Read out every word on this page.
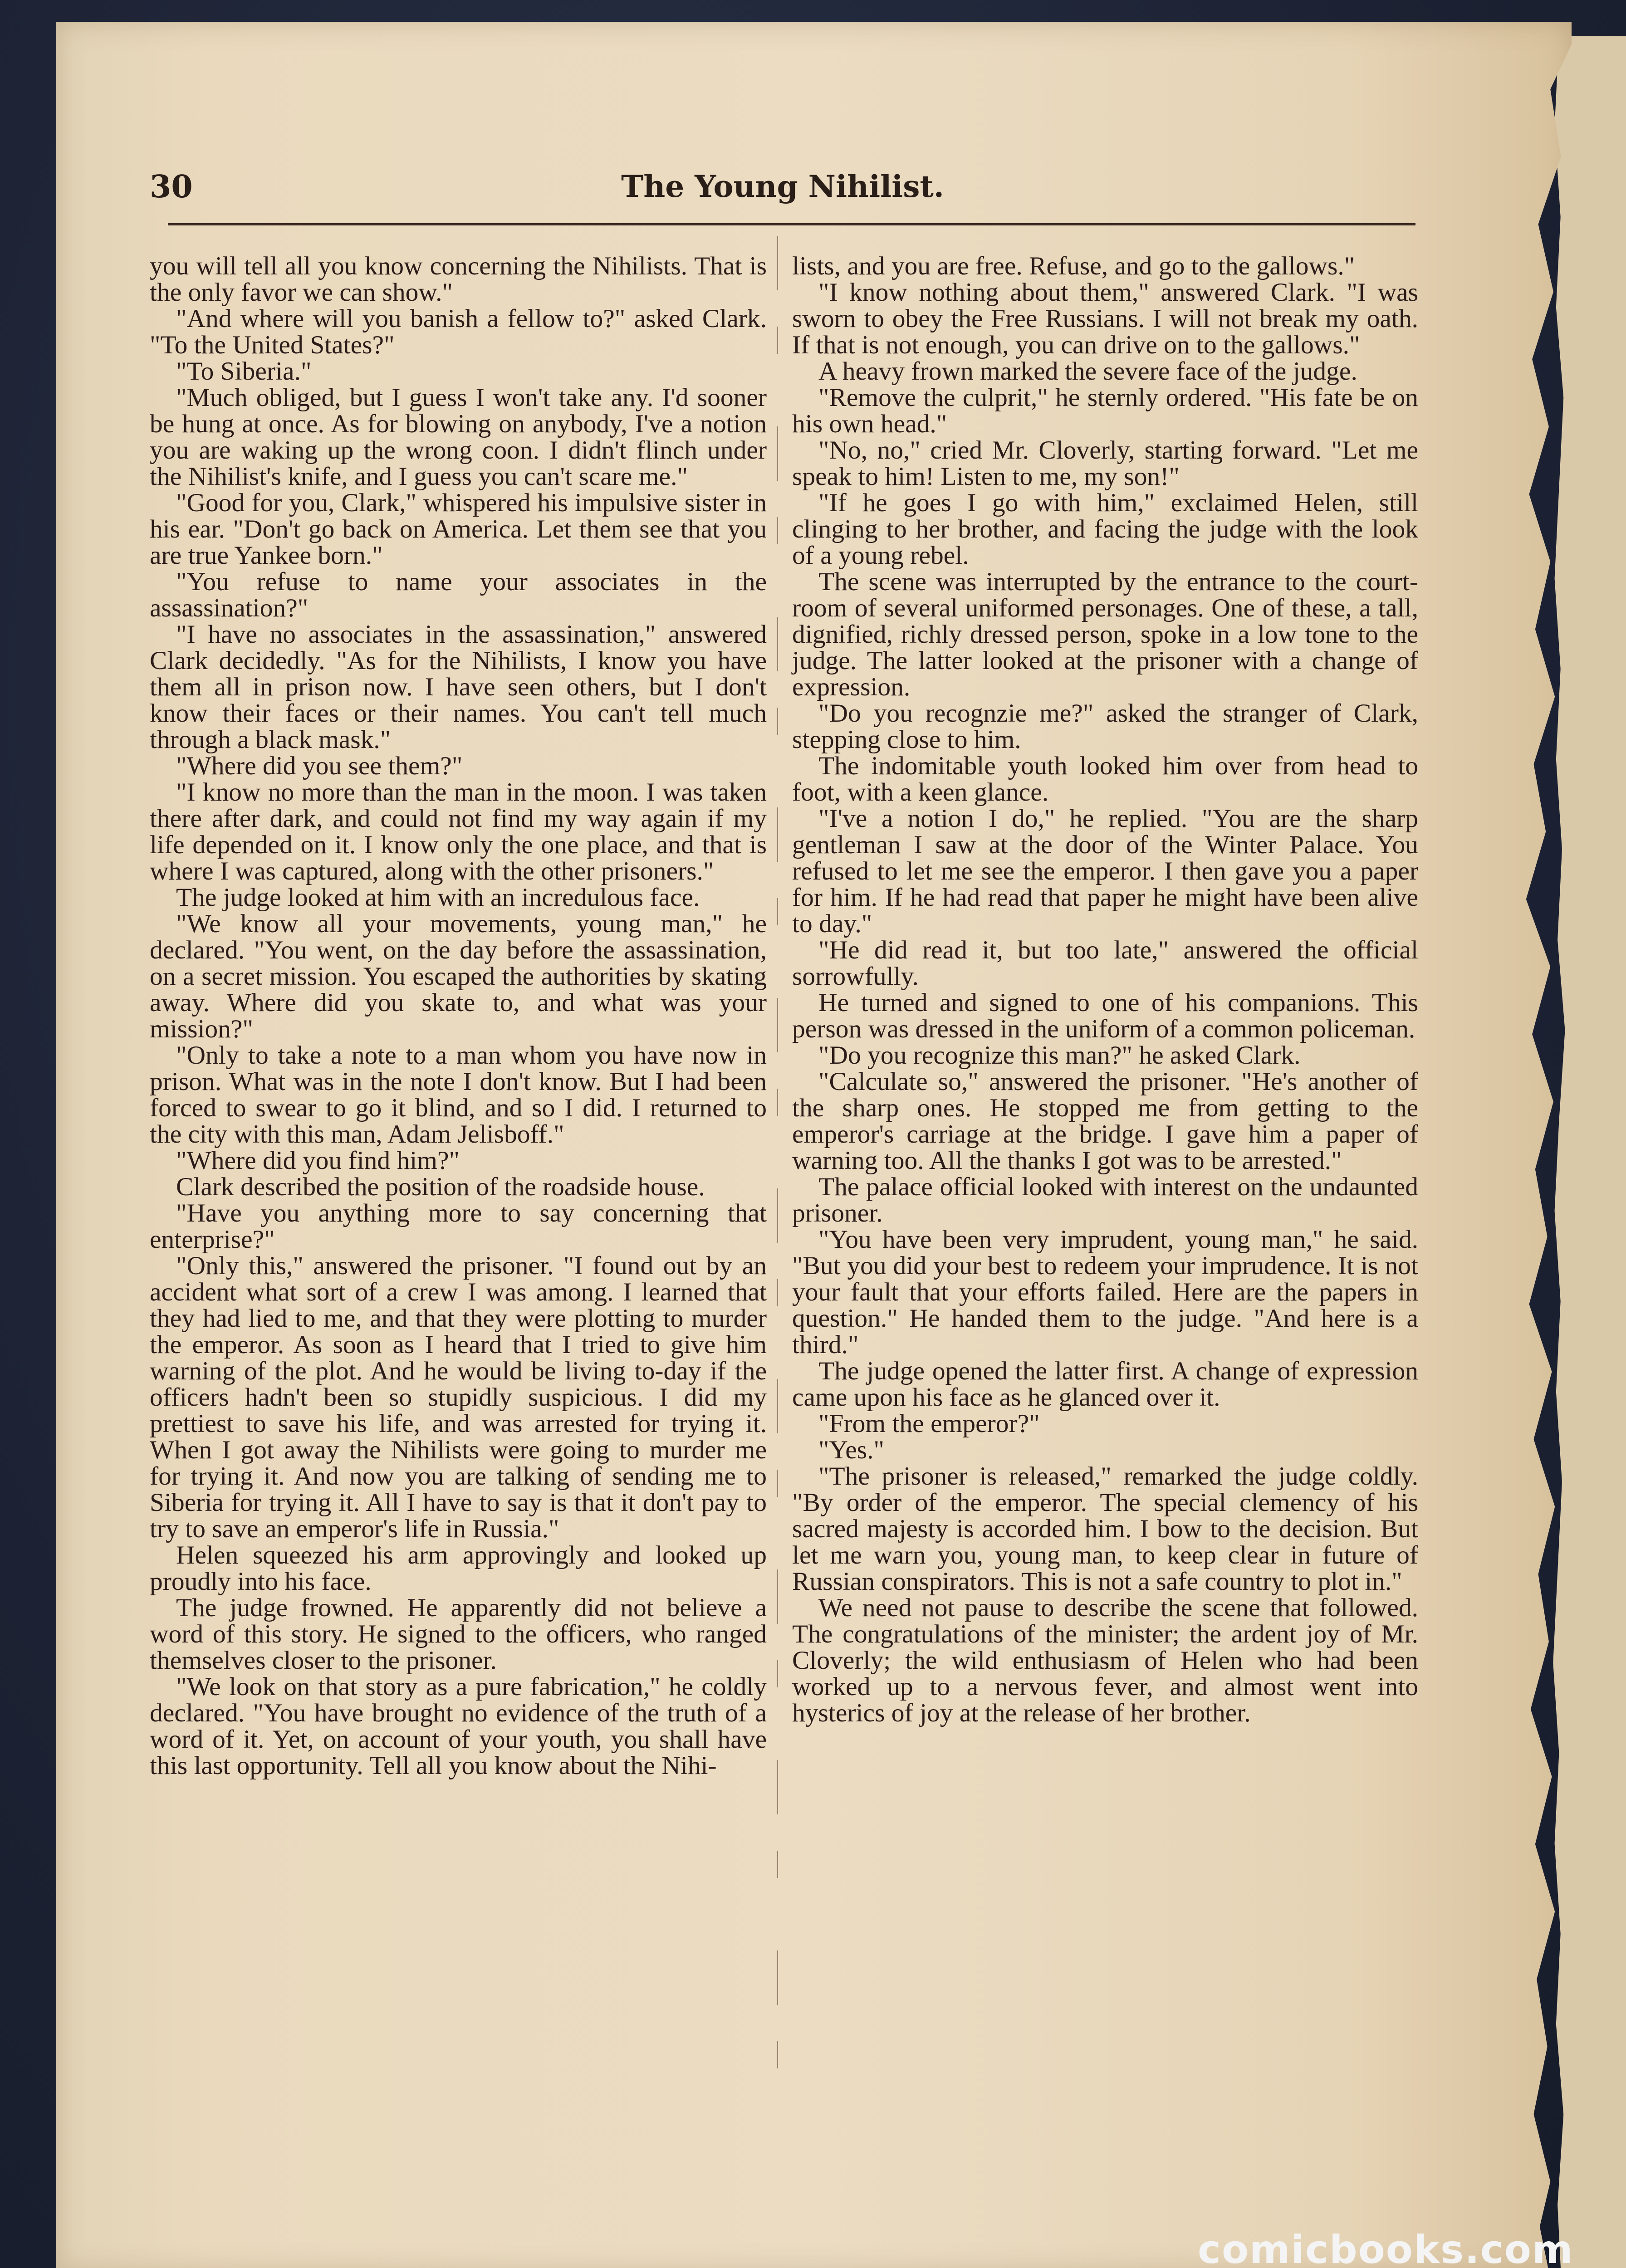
30	The Young Nihilist.

you will tell all you know concerning the Nihilists. That is the only favor we can show."

"And where will you banish a fellow to?" asked Clark. "To the United States?"

"To Siberia."

"Much obliged, but I guess I won't take any. I'd sooner be hung at once. As for blowing on anybody, I've a notion you are waking up the wrong coon. I didn't flinch under the Nihilist's knife, and I guess you can't scare me."

"Good for you, Clark," whispered his impulsive sister in his ear. "Don't go back on America. Let them see that you are true Yankee born."

"You refuse to name your associates in the assassination?"

"I have no associates in the assassination," answered Clark decidedly. "As for the Nihilists, I know you have them all in prison now. I have seen others, but I don't know their faces or their names. You can't tell much through a black mask."

"Where did you see them?"

"I know no more than the man in the moon. I was taken there after dark, and could not find my way again if my life depended on it. I know only the one place, and that is where I was captured, along with the other prisoners."

The judge looked at him with an incredulous face.

"We know all your movements, young man," he declared. "You went, on the day before the assassination, on a secret mission. You escaped the authorities by skating away. Where did you skate to, and what was your mission?"

"Only to take a note to a man whom you have now in prison. What was in the note I don't know. But I had been forced to swear to go it blind, and so I did. I returned to the city with this man, Adam Jelisboff."

"Where did you find him?"

Clark described the position of the roadside house.

"Have you anything more to say concerning that enterprise?"

"Only this," answered the prisoner. "I found out by an accident what sort of a crew I was among. I learned that they had lied to me, and that they were plotting to murder the emperor. As soon as I heard that I tried to give him warning of the plot. And he would be living to-day if the officers hadn't been so stupidly suspicious. I did my prettiest to save his life, and was arrested for trying it. When I got away the Nihilists were going to murder me for trying it. And now you are talking of sending me to Siberia for trying it. All I have to say is that it don't pay to try to save an emperor's life in Russia."

Helen squeezed his arm approvingly and looked up proudly into his face.

The judge frowned. He apparently did not believe a word of this story. He signed to the officers, who ranged themselves closer to the prisoner.

"We look on that story as a pure fabrication," he coldly declared. "You have brought no evidence of the truth of a word of it. Yet, on account of your youth, you shall have this last opportunity. Tell all you know about the Nihi-

lists, and you are free. Refuse, and go to the gallows."

"I know nothing about them," answered Clark. "I was sworn to obey the Free Russians. I will not break my oath. If that is not enough, you can drive on to the gallows."

A heavy frown marked the severe face of the judge.

"Remove the culprit," he sternly ordered. "His fate be on his own head."

"No, no," cried Mr. Cloverly, starting forward. "Let me speak to him! Listen to me, my son!"

"If he goes I go with him," exclaimed Helen, still clinging to her brother, and facing the judge with the look of a young rebel.

The scene was interrupted by the entrance to the court-room of several uniformed personages. One of these, a tall, dignified, richly dressed person, spoke in a low tone to the judge. The latter looked at the prisoner with a change of expression.

"Do you recognzie me?" asked the stranger of Clark, stepping close to him.

The indomitable youth looked him over from head to foot, with a keen glance.

"I've a notion I do," he replied. "You are the sharp gentleman I saw at the door of the Winter Palace. You refused to let me see the emperor. I then gave you a paper for him. If he had read that paper he might have been alive to day."

"He did read it, but too late," answered the official sorrowfully.

He turned and signed to one of his companions. This person was dressed in the uniform of a common policeman.

"Do you recognize this man?" he asked Clark.

"Calculate so," answered the prisoner. "He's another of the sharp ones. He stopped me from getting to the emperor's carriage at the bridge. I gave him a paper of warning too. All the thanks I got was to be arrested."

The palace official looked with interest on the undaunted prisoner.

"You have been very imprudent, young man," he said. "But you did your best to redeem your imprudence. It is not your fault that your efforts failed. Here are the papers in question." He handed them to the judge. "And here is a third."

The judge opened the latter first. A change of expression came upon his face as he glanced over it.

"From the emperor?"

"Yes."

"The prisoner is released," remarked the judge coldly. "By order of the emperor. The special clemency of his sacred majesty is accorded him. I bow to the decision. But let me warn you, young man, to keep clear in future of Russian conspirators. This is not a safe country to plot in."

We need not pause to describe the scene that followed. The congratulations of the minister; the ardent joy of Mr. Cloverly; the wild enthusiasm of Helen who had been worked up to a nervous fever, and almost went into hysterics of joy at the release of her brother.

comicbooks.com
